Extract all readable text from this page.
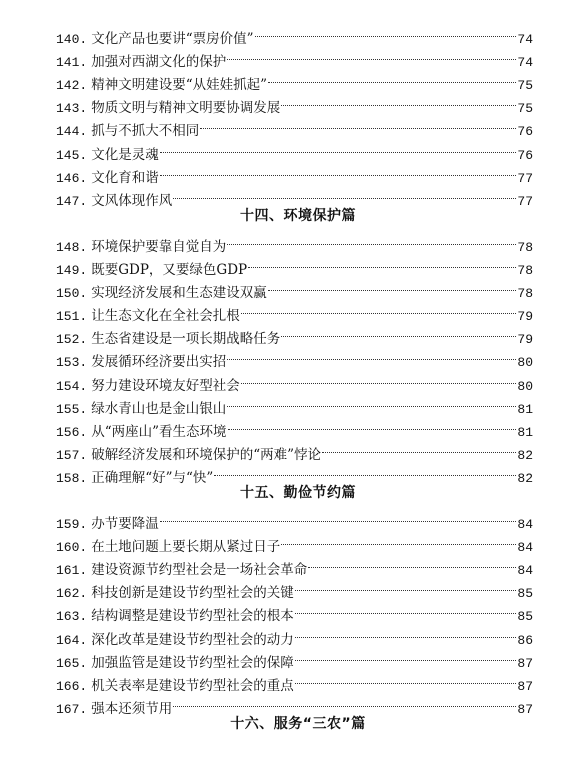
140. 文化产品也要讲“票房价值”	74
141. 加强对西湖文化的保护	74
142. 精神文明建设要“从娃娃抓起”	75
143. 物质文明与精神文明要协调发展	75
144. 抓与不抓大不相同	76
145. 文化是灵魂	76
146. 文化育和谐	77
147. 文风体现作风	77
十四、环境保护篇
148. 环境保护要靠自觉自为	78
149. 既要GDP，又要绿色GDP	78
150. 实现经济发展和生态建设双赢	78
151. 让生态文化在全社会扎根	79
152. 生态省建设是一项长期战略任务	79
153. 发展循环经济要出实招	80
154. 努力建设环境友好型社会	80
155. 绿水青山也是金山银山	81
156. 从“两座山”看生态环境	81
157. 破解经济发展和环境保护的“两难”悖论	82
158. 正确理解“好”与“快”	82
十五、勤俭节约篇
159. 办节要降温	84
160. 在土地问题上要长期从紧过日子	84
161. 建设资源节约型社会是一场社会革命	84
162. 科技创新是建设节约型社会的关键	85
163. 结构调整是建设节约型社会的根本	85
164. 深化改革是建设节约型社会的动力	86
165. 加强监管是建设节约型社会的保障	87
166. 机关表率是建设节约型社会的重点	87
167. 强本还须节用	87
十六、服务“三农”篇
